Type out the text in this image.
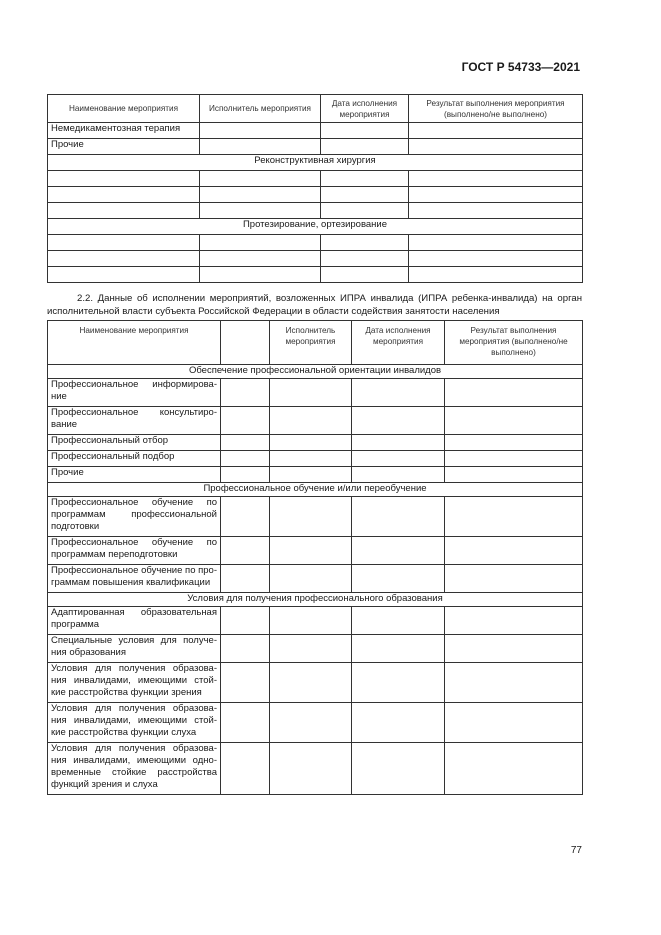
ГОСТ Р 54733—2021
Наименование мероприятия	Исполнитель мероприятия	Дата исполнения мероприятия	Результат выполнения мероприятия (выполнено/не выполнено)
Немедикаментозная терапия			
Прочие			
Реконструктивная хирургия			

Протезирование, ортезирование			

2.2. Данные об исполнении мероприятий, возложенных ИПРА инвалида (ИПРА ребенка-инвалида) на орган исполнительной власти субъекта Российской Федерации в области содействия занятости населения
Наименование мероприятия		Исполнитель мероприятия	Дата исполнения мероприятия	Результат выполнения мероприятия (выполнено/не выполнено)
Обеспечение профессиональной ориентации инвалидов				
Профессиональное информирова-ние				
Профессиональное консультиро-вание				
Профессиональный отбор				
Профессиональный подбор				
Прочие				
Профессиональное обучение и/или переобучение				
Профессиональное обучение по программам профессиональной подготовки				
Профессиональное обучение по программам переподготовки				
Профессиональное обучение по про-граммам повышения квалификации				
Условия для получения профессионального образования				
Адаптированная образовательная программа				
Специальные условия для получе-ния образования				
Условия для получения образова-ния инвалидами, имеющими стой-кие расстройства функции зрения				
Условия для получения образова-ния инвалидами, имеющими стой-кие расстройства функции слуха				
Условия для получения образова-ния инвалидами, имеющими одно-временные стойкие расстройства функций зрения и слуха				
77
